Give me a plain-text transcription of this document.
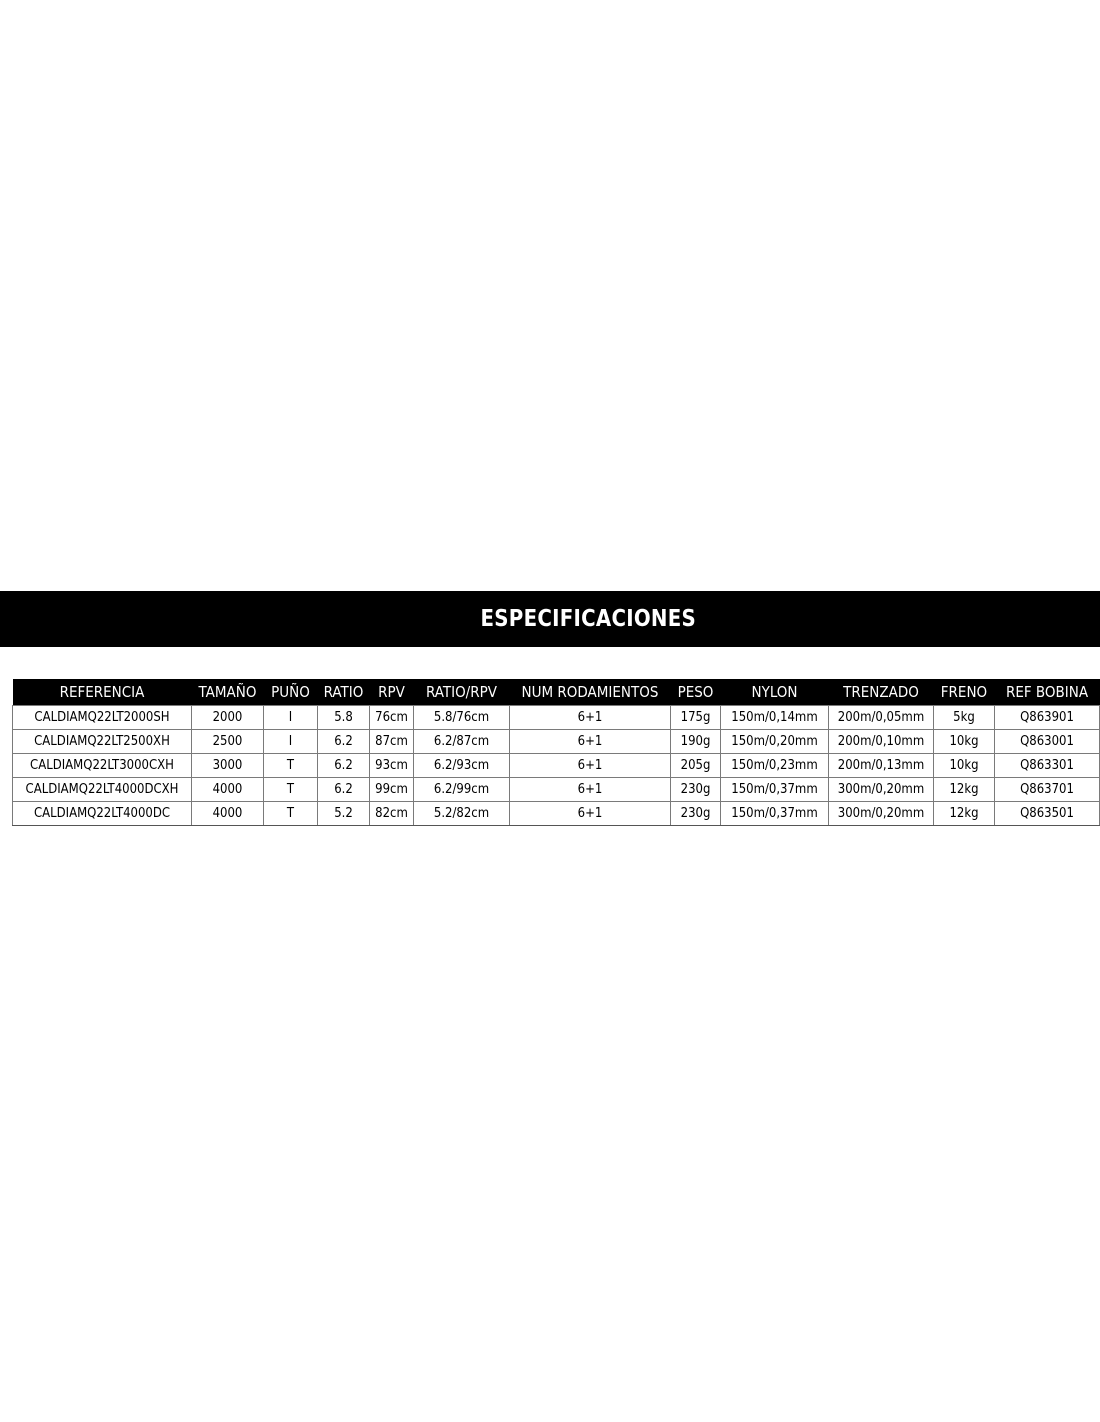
ESPECIFICACIONES
REFERENCIA	TAMAÑO	PUÑO	RATIO	RPV	RATIO/RPV	NUM RODAMIENTOS	PESO	NYLON	TRENZADO	FRENO	REF BOBINA	
CALDIAMQ22LT2000SH	2000	I	5.8	76cm	5.8/76cm	6+1	175g	150m/0,14mm	200m/0,05mm	5kg	Q863901	
CALDIAMQ22LT2500XH	2500	I	6.2	87cm	6.2/87cm	6+1	190g	150m/0,20mm	200m/0,10mm	10kg	Q863001	
CALDIAMQ22LT3000CXH	3000	T	6.2	93cm	6.2/93cm	6+1	205g	150m/0,23mm	200m/0,13mm	10kg	Q863301	
CALDIAMQ22LT4000DCXH	4000	T	6.2	99cm	6.2/99cm	6+1	230g	150m/0,37mm	300m/0,20mm	12kg	Q863701	
CALDIAMQ22LT4000DC	4000	T	5.2	82cm	5.2/82cm	6+1	230g	150m/0,37mm	300m/0,20mm	12kg	Q863501	
